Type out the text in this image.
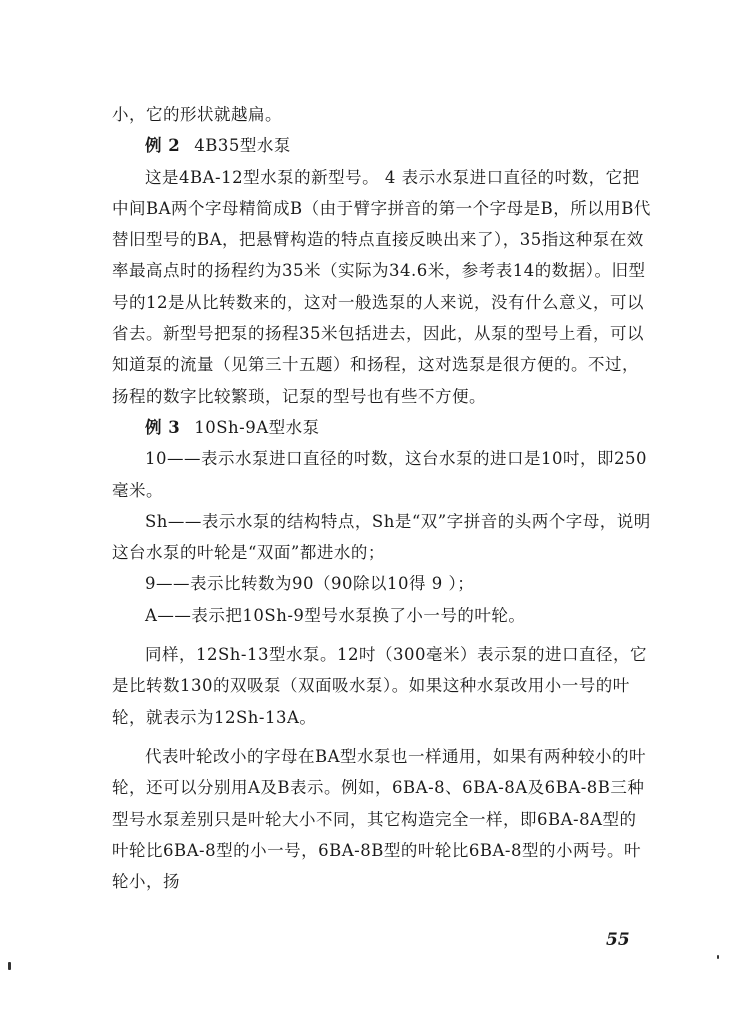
小，它的形状就越扁。

例 2 4B35型水泵

这是4BA-12型水泵的新型号。 4 表示水泵进口直径的吋数，它把中间BA两个字母精简成B（由于臂字拼音的第一个字母是B，所以用B代替旧型号的BA，把悬臂构造的特点直接反映出来了），35指这种泵在效率最高点时的扬程约为35米（实际为34.6米，参考表14的数据）。旧型号的12是从比转数来的，这对一般选泵的人来说，没有什么意义，可以省去。新型号把泵的扬程35米包括进去，因此，从泵的型号上看，可以知道泵的流量（见第三十五题）和扬程，这对选泵是很方便的。不过，扬程的数字比较繁琐，记泵的型号也有些不方便。

例 3 10Sh-9A型水泵

10——表示水泵进口直径的吋数，这台水泵的进口是10吋，即250毫米。

Sh——表示水泵的结构特点，Sh是“双”字拼音的头两个字母，说明这台水泵的叶轮是“双面”都进水的；

9——表示比转数为90（90除以10得 9 ）；

A——表示把10Sh-9型号水泵换了小一号的叶轮。

同样，12Sh-13型水泵。12吋（300毫米）表示泵的进口直径，它是比转数130的双吸泵（双面吸水泵）。如果这种水泵改用小一号的叶轮，就表示为12Sh-13A。

代表叶轮改小的字母在BA型水泵也一样通用，如果有两种较小的叶轮，还可以分别用A及B表示。例如，6BA-8、6BA-8A及6BA-8B三种型号水泵差别只是叶轮大小不同，其它构造完全一样，即6BA-8A型的叶轮比6BA-8型的小一号，6BA-8B型的叶轮比6BA-8型的小两号。叶轮小，扬

55
